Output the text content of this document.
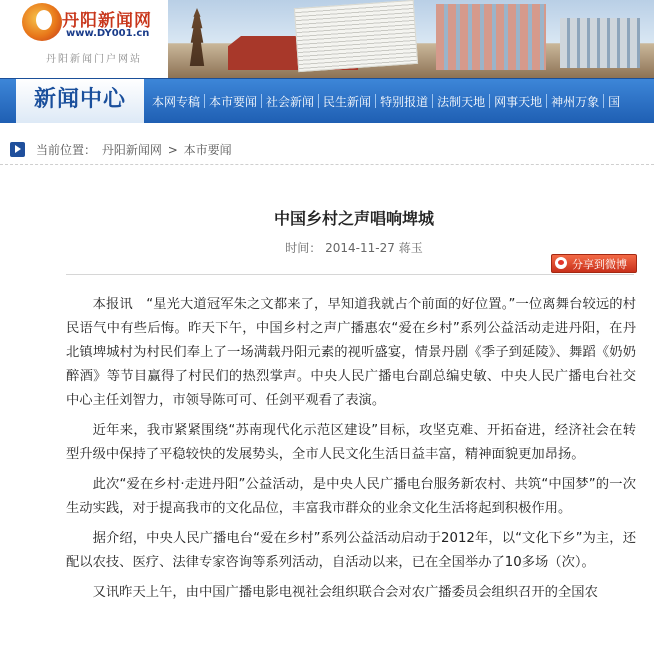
丹阳新闻网
www.DY001.cn
丹阳新闻门户网站
新闻中心	本网专稿 本市要闻 社会新闻 民生新闻 特别报道 法制天地 网事天地 神州万象 国
当前位置： 丹阳新闻网 > 本市要闻
中国乡村之声唱响埤城
时间： 2014-11-27 蒋玉
分享到微博

本报讯　“星光大道冠军朱之文都来了，早知道我就占个前面的好位置。”一位离舞台较远的村民语气中有些后悔。昨天下午，中国乡村之声广播惠农“爱在乡村”系列公益活动走进丹阳，在丹北镇埤城村为村民们奉上了一场满载丹阳元素的视听盛宴，情景丹剧《季子到延陵》、舞蹈《奶奶醉酒》等节目赢得了村民们的热烈掌声。中央人民广播电台副总编史敏、中央人民广播电台社交中心主任刘智力，市领导陈可可、任剑平观看了表演。

近年来，我市紧紧围绕“苏南现代化示范区建设”目标，攻坚克难、开拓奋进，经济社会在转型升级中保持了平稳较快的发展势头，全市人民文化生活日益丰富，精神面貌更加昂扬。

此次“爱在乡村·走进丹阳”公益活动，是中央人民广播电台服务新农村、共筑“中国梦”的一次生动实践，对于提高我市的文化品位，丰富我市群众的业余文化生活将起到积极作用。

据介绍，中央人民广播电台“爱在乡村”系列公益活动启动于2012年，以“文化下乡”为主，还配以农技、医疗、法律专家咨询等系列活动，自活动以来，已在全国举办了10多场（次）。

又讯昨天上午，由中国广播电影电视社会组织联合会对农广播委员会组织召开的全国农
